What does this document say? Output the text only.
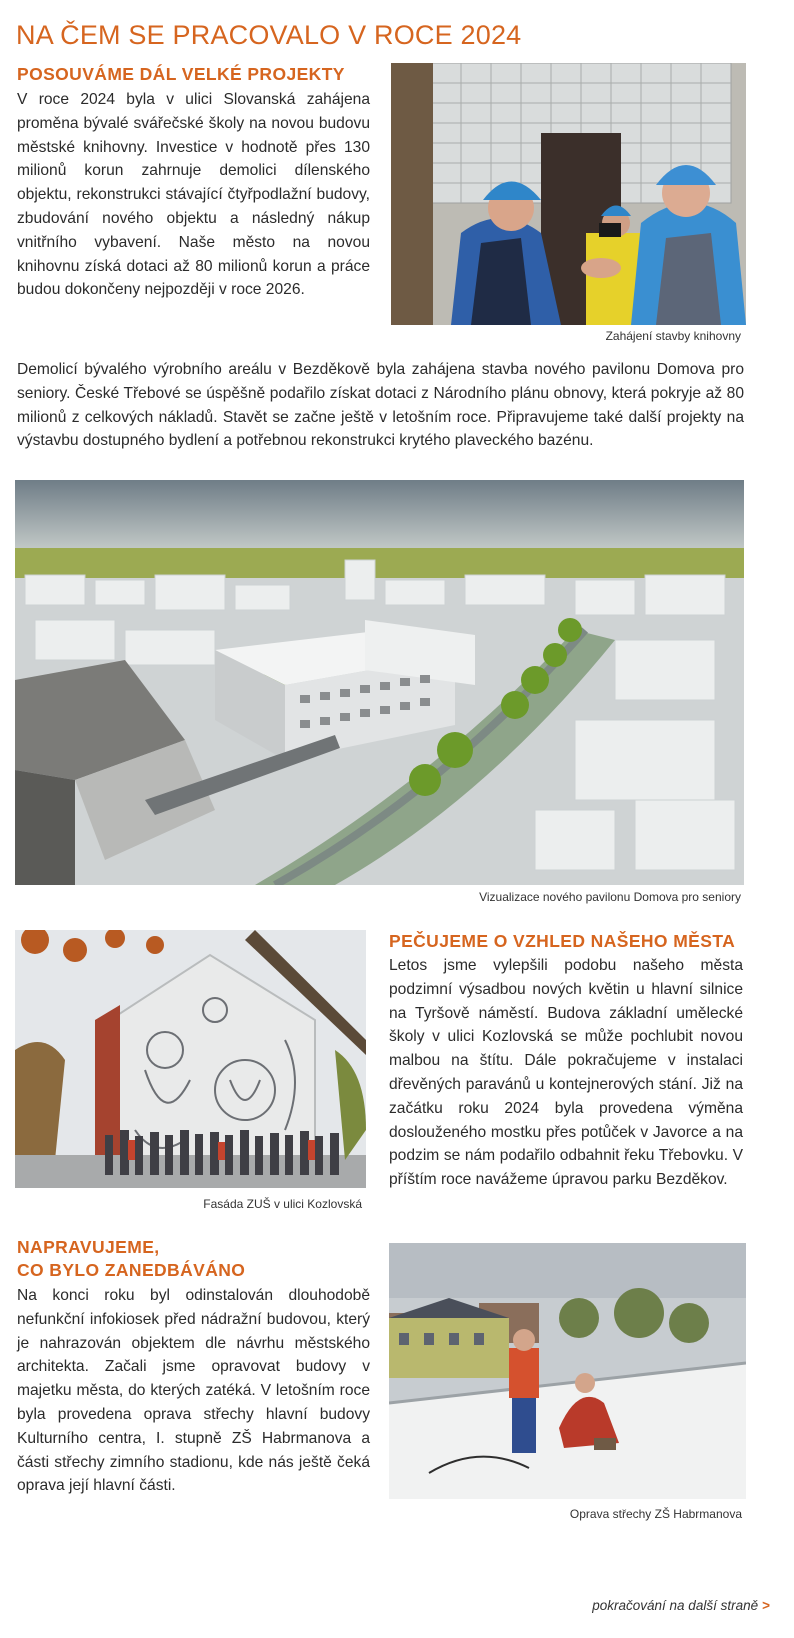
NA ČEM SE PRACOVALO V ROCE 2024
POSOUVÁME DÁL VELKÉ PROJEKTY
V roce 2024 byla v ulici Slovanská zahájena proměna bývalé svářečské školy na novou budovu městské knihovny. Investice v hodnotě přes 130 milionů korun zahrnuje demolici dílenského objektu, rekonstrukci stávající čtyřpodlažní budovy, zbudování nového objektu a následný nákup vnitřního vybavení. Naše město na novou knihovnu získá dotaci až 80 milionů korun a práce budou dokončeny nejpozději v roce 2026.
Zahájení stavby knihovny
Demolicí bývalého výrobního areálu v Bezděkově byla zahájena stavba nového pavilonu Domova pro seniory. České Třebové se úspěšně podařilo získat dotaci z Národního plánu obnovy, která pokryje až 80 milionů z celkových nákladů. Stavět se začne ještě v letošním roce. Připravujeme také další projekty na výstavbu dostupného bydlení a potřebnou rekonstrukci krytého plaveckého bazénu.
Vizualizace nového pavilonu Domova pro seniory
Fasáda ZUŠ v ulici Kozlovská
PEČUJEME O VZHLED NAŠEHO MĚSTA
Letos jsme vylepšili podobu našeho města podzimní výsadbou nových květin u hlavní silnice na Tyršově náměstí. Budova základní umělecké školy v ulici Kozlovská se může pochlubit novou malbou na štítu. Dále pokračujeme v instalaci dřevěných paravánů u kontejnerových stání. Již na začátku roku 2024 byla provedena výměna doslouženého mostku přes potůček v Javorce a na podzim se nám podařilo odbahnit řeku Třebovku. V příštím roce navážeme úpravou parku Bezděkov.
NAPRAVUJEME,
CO BYLO ZANEDBÁVÁNO
Na konci roku byl odinstalován dlouhodobě nefunkční infokiosek před nádražní budovou, který je nahrazován objektem dle návrhu městského architekta. Začali jsme opravovat budovy v majetku města, do kterých zatéká. V letošním roce byla provedena oprava střechy hlavní budovy Kulturního centra, I. stupně ZŠ Habrmanova a části střechy zimního stadionu, kde nás ještě čeká oprava její hlavní části.
Oprava střechy ZŠ Habrmanova
pokračování na další straně >
